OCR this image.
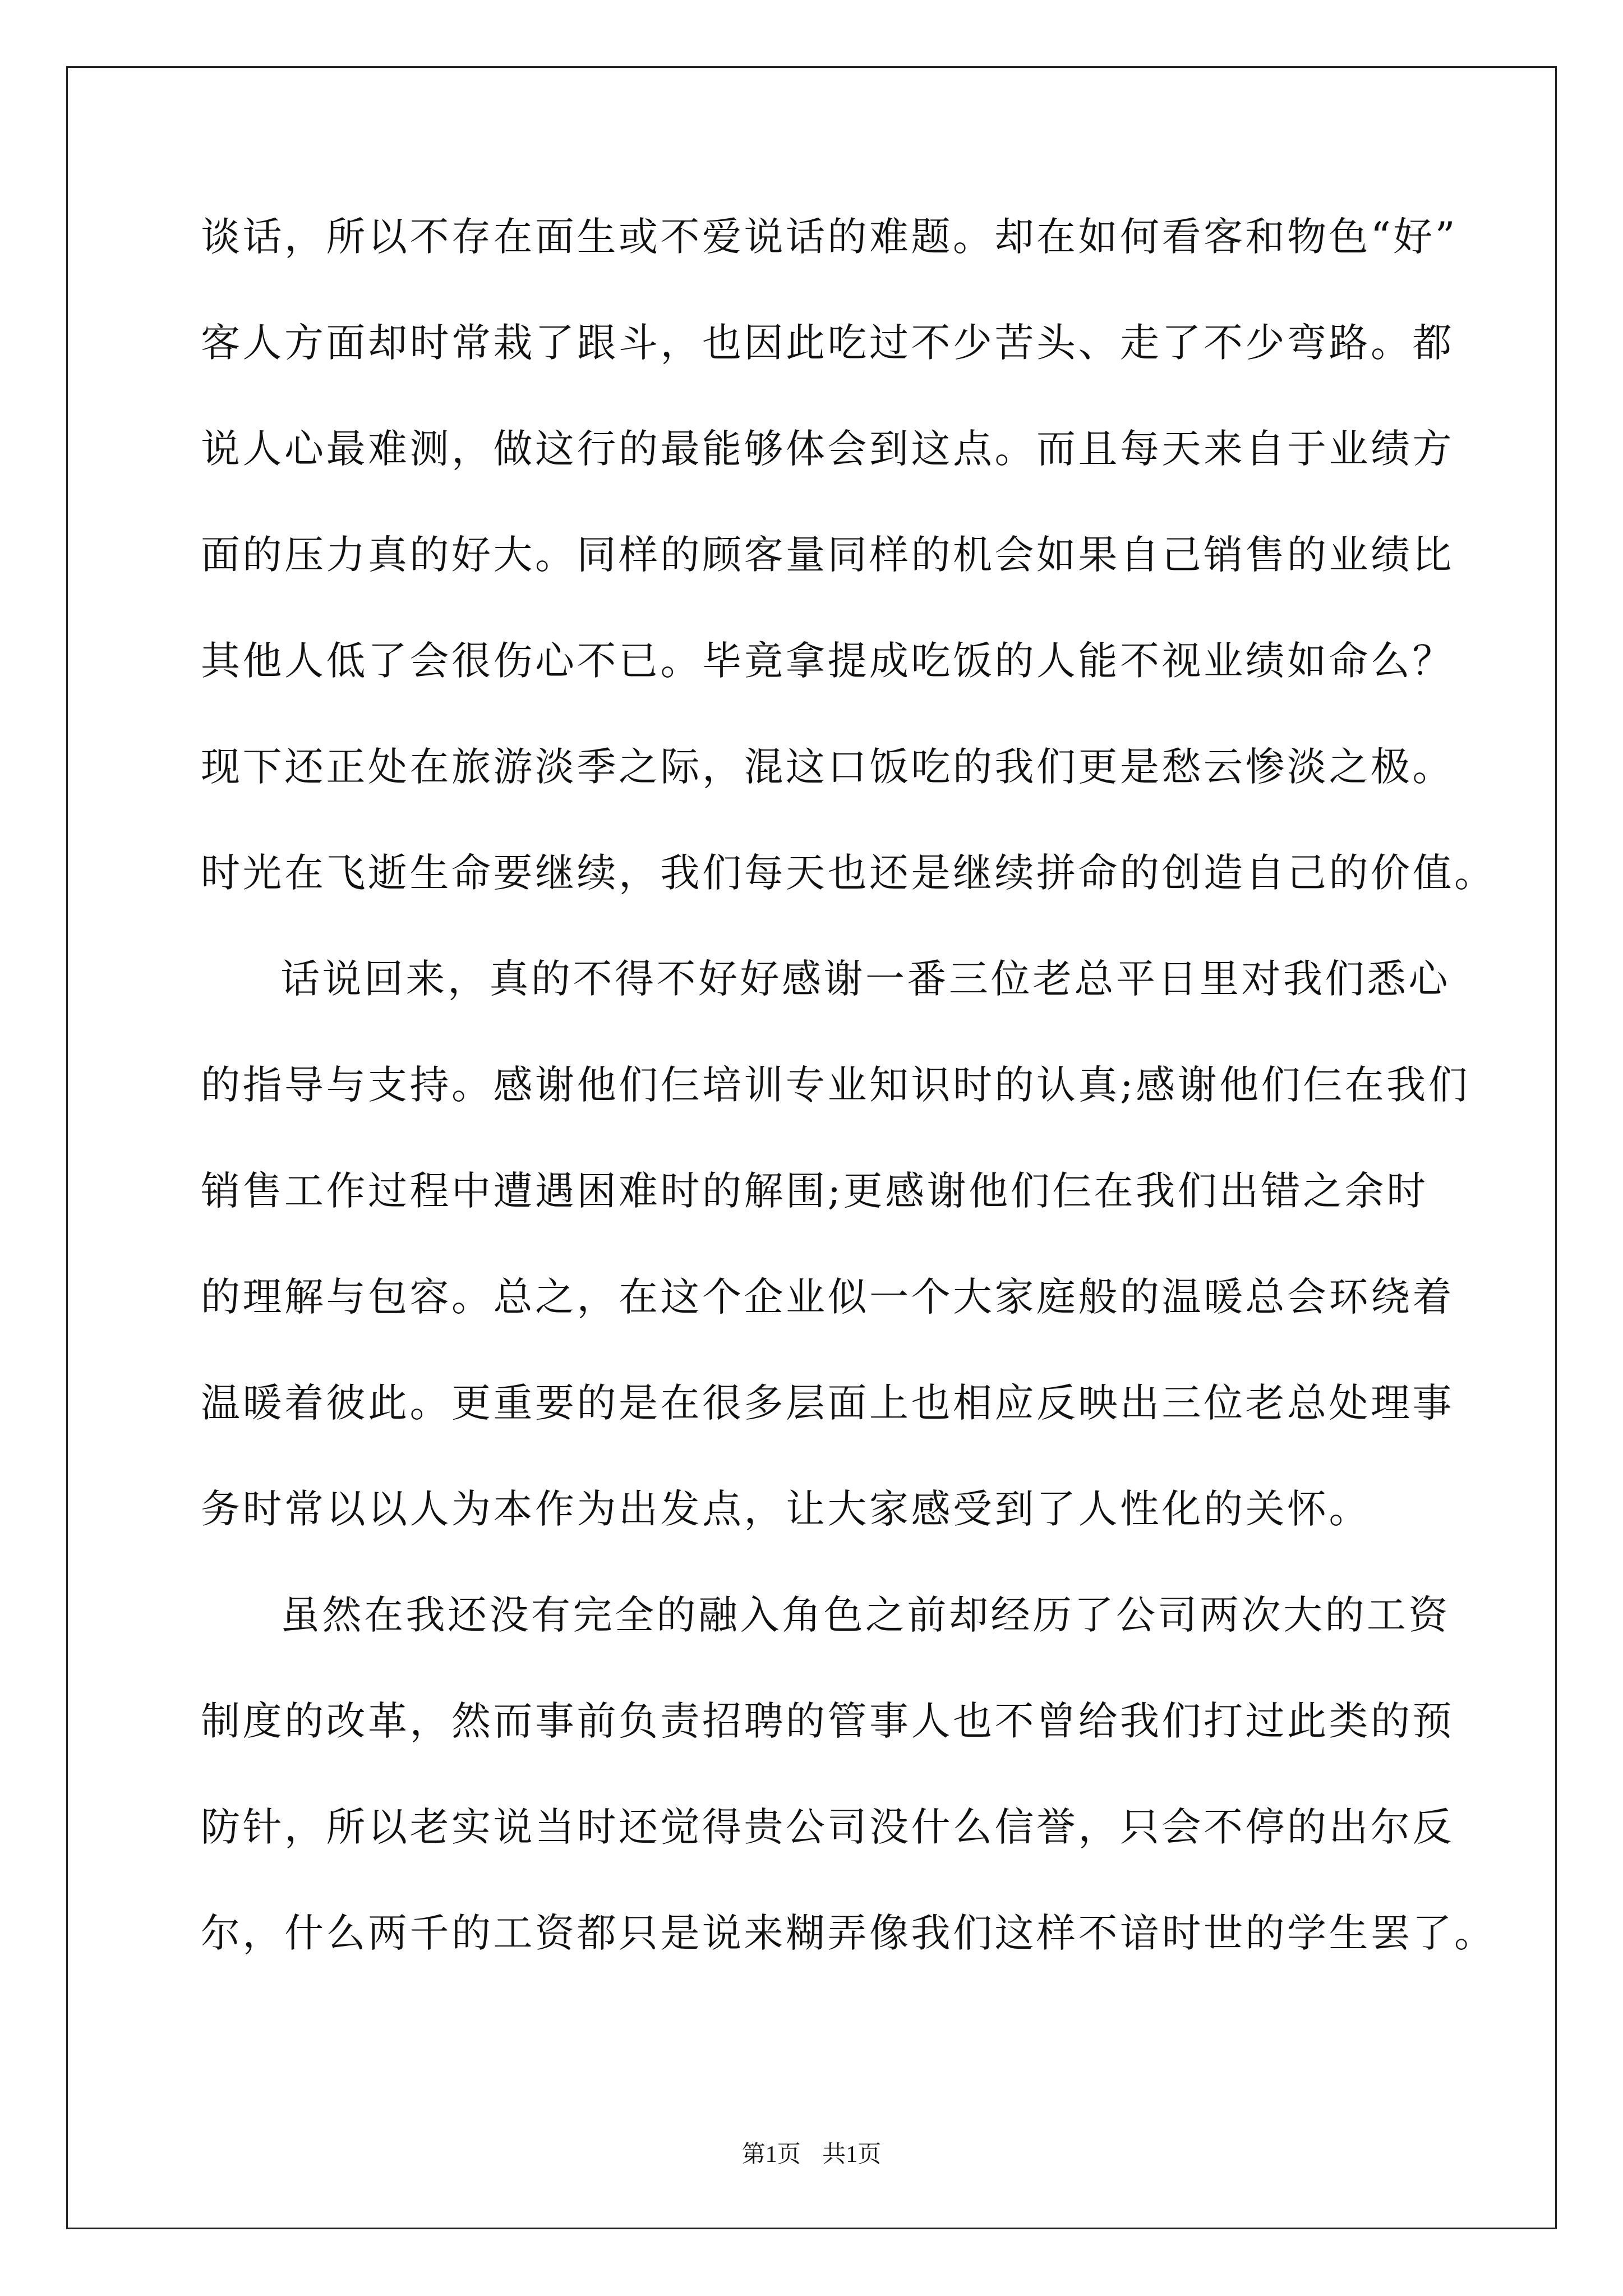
谈话，所以不存在面生或不爱说话的难题。却在如何看客和物色“好”
客人方面却时常栽了跟斗，也因此吃过不少苦头、走了不少弯路。都
说人心最难测，做这行的最能够体会到这点。而且每天来自于业绩方
面的压力真的好大。同样的顾客量同样的机会如果自己销售的业绩比
其他人低了会很伤心不已。毕竟拿提成吃饭的人能不视业绩如命么？
现下还正处在旅游淡季之际，混这口饭吃的我们更是愁云惨淡之极。
时光在飞逝生命要继续，我们每天也还是继续拼命的创造自己的价值。
话说回来，真的不得不好好感谢一番三位老总平日里对我们悉心
的指导与支持。感谢他们仨培训专业知识时的认真;感谢他们仨在我们
销售工作过程中遭遇困难时的解围;更感谢他们仨在我们出错之余时
的理解与包容。总之，在这个企业似一个大家庭般的温暖总会环绕着
温暖着彼此。更重要的是在很多层面上也相应反映出三位老总处理事
务时常以以人为本作为出发点，让大家感受到了人性化的关怀。
虽然在我还没有完全的融入角色之前却经历了公司两次大的工资
制度的改革，然而事前负责招聘的管事人也不曾给我们打过此类的预
防针，所以老实说当时还觉得贵公司没什么信誉，只会不停的出尔反
尔，什么两千的工资都只是说来糊弄像我们这样不谙时世的学生罢了。
第1页 共1页
